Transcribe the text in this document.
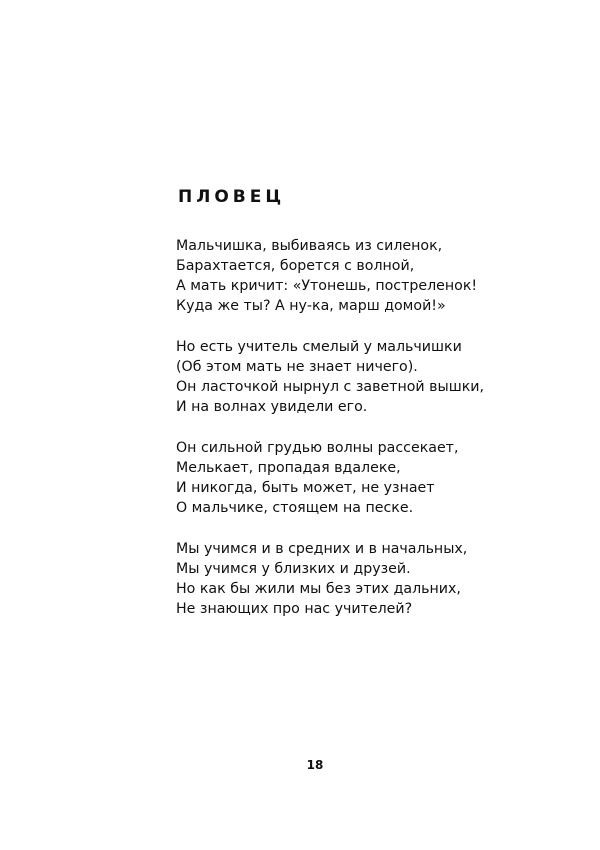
ПЛОВЕЦ
Мальчишка, выбиваясь из силенок,
Барахтается, борется с волной,
А мать кричит: «Утонешь, постреленок!
Куда же ты? А ну-ка, марш домой!»
Но есть учитель смелый у мальчишки
(Об этом мать не знает ничего).
Он ласточкой нырнул с заветной вышки,
И на волнах увидели его.
Он сильной грудью волны рассекает,
Мелькает, пропадая вдалеке,
И никогда, быть может, не узнает
О мальчике, стоящем на песке.
Мы учимся и в средних и в начальных,
Мы учимся у близких и друзей.
Но как бы жили мы без этих дальних,
Не знающих про нас учителей?
18
